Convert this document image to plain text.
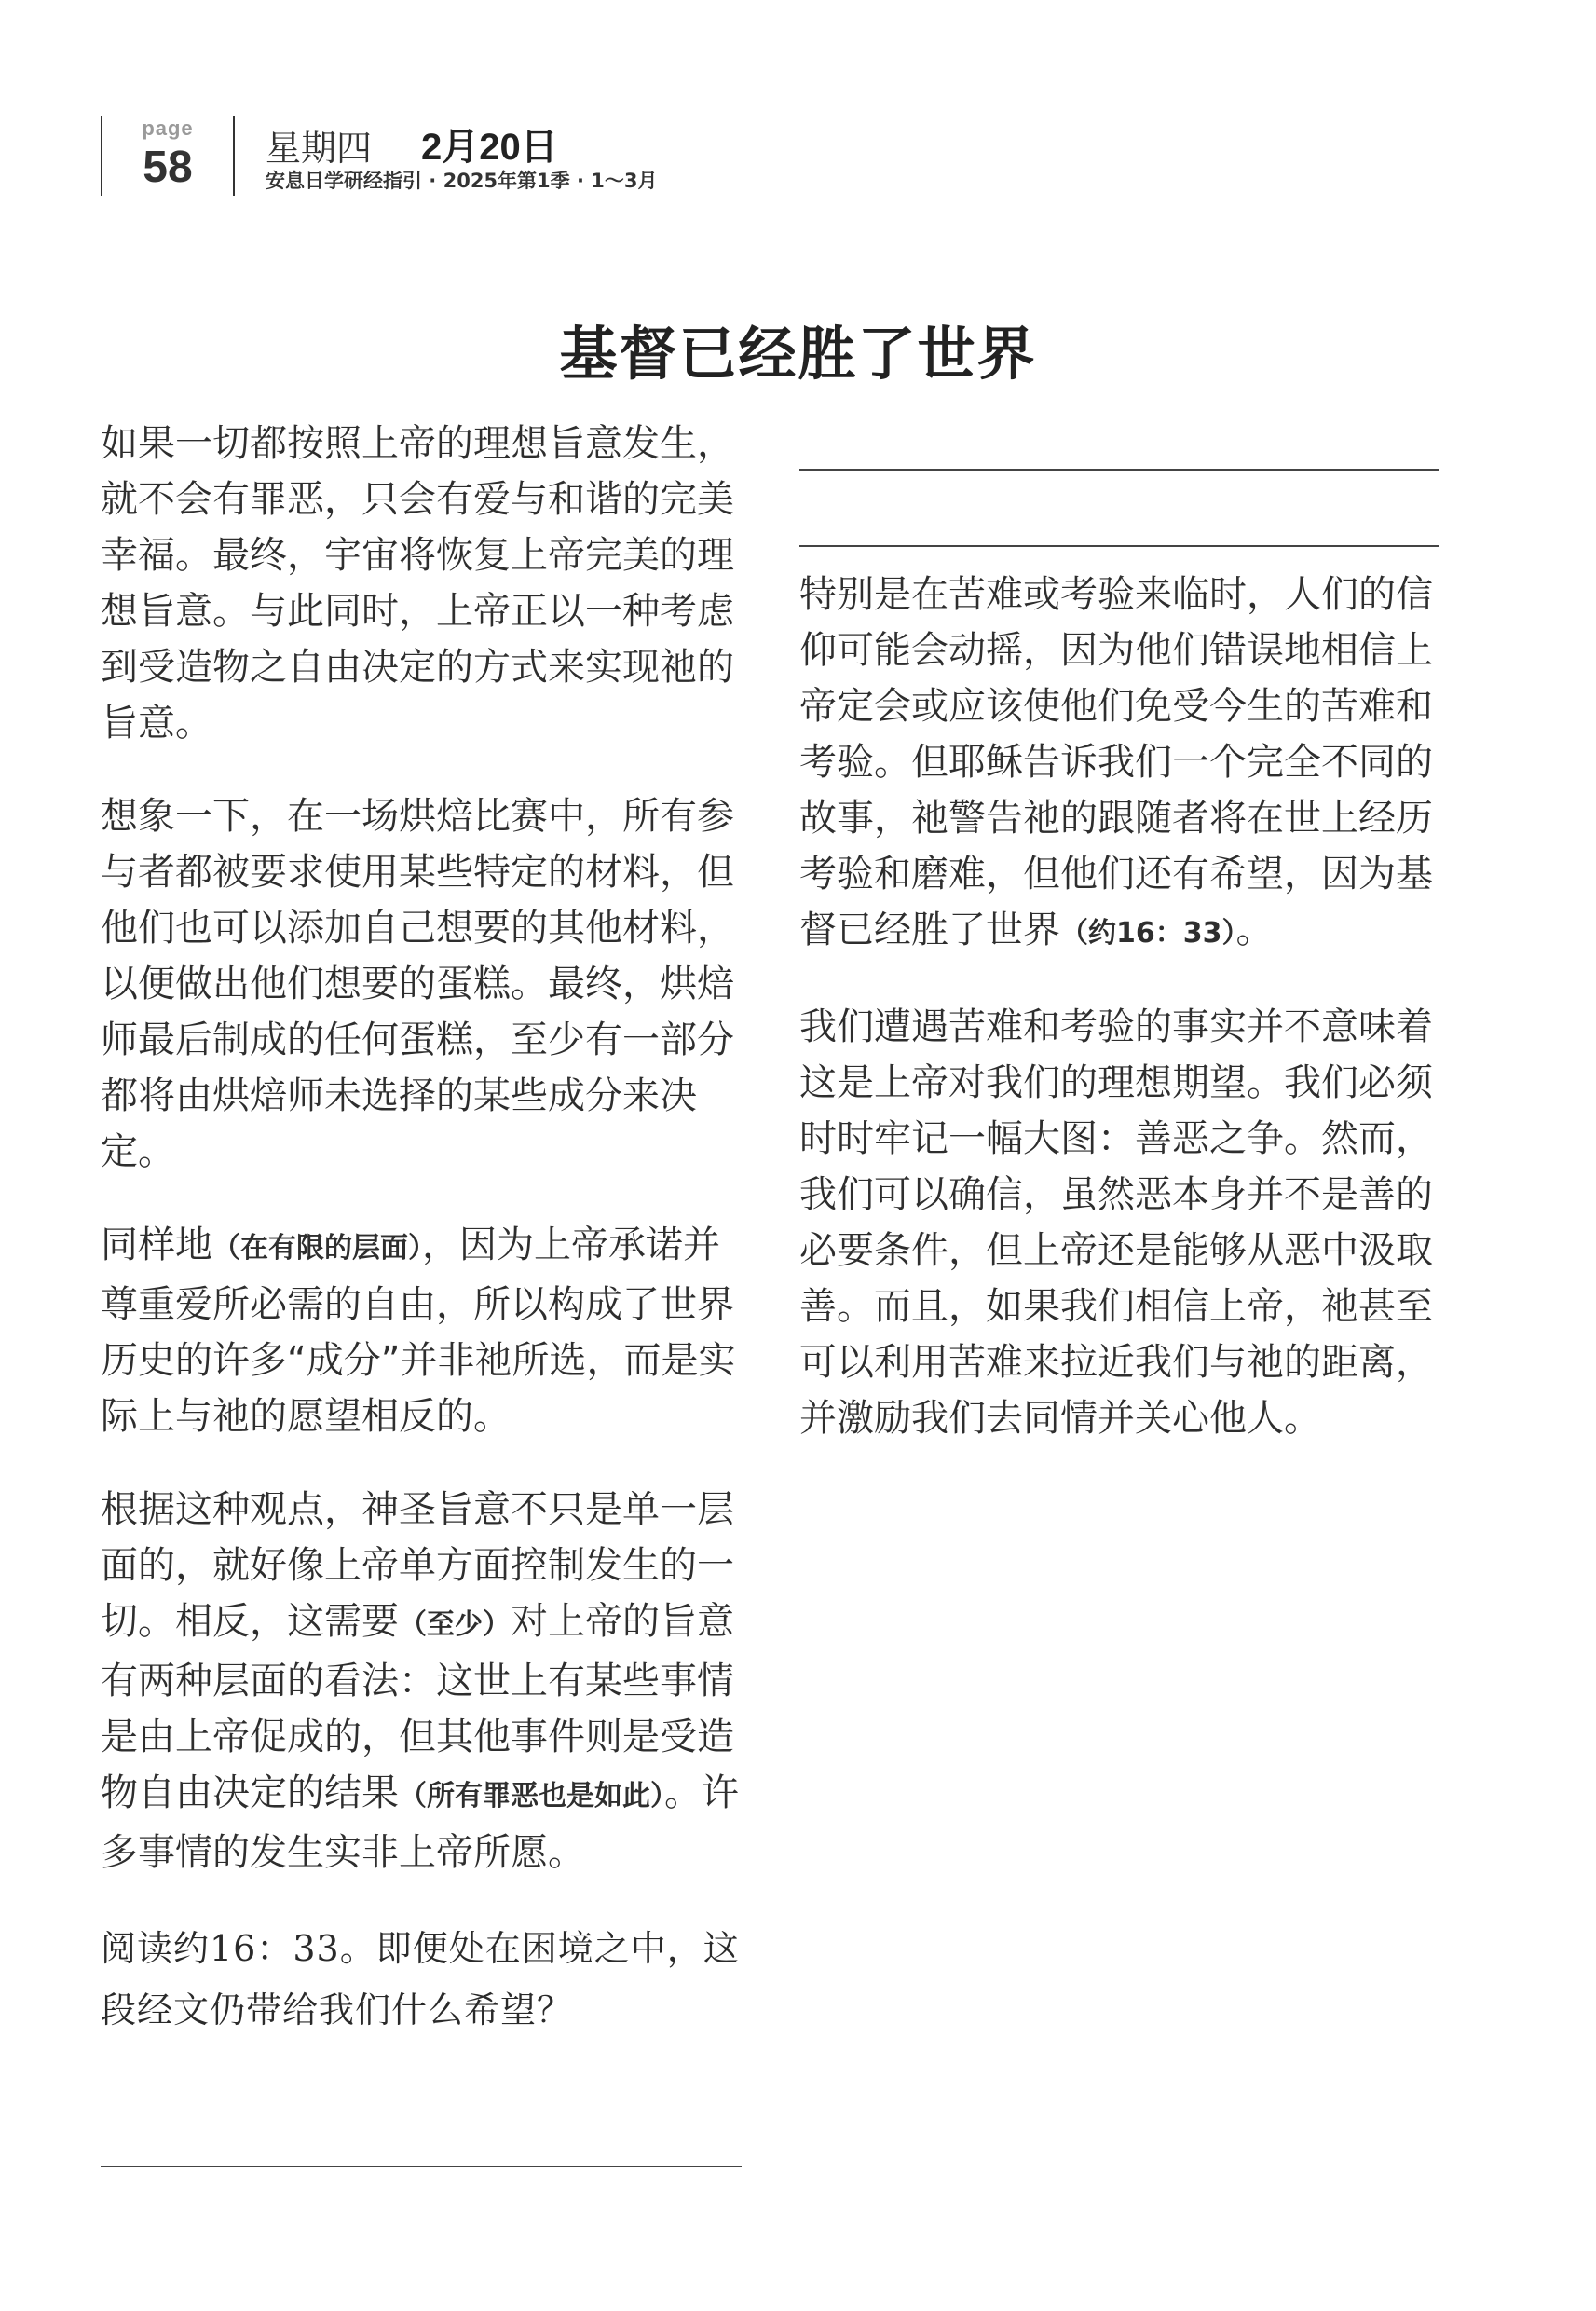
page
58	星期四 2月20日
安息日学研经指引 · 2025年第1季 · 1～3月
基督已经胜了世界

如果一切都按照上帝的理想旨意发生，就不会有罪恶，只会有爱与和谐的完美幸福。最终，宇宙将恢复上帝完美的理想旨意。与此同时，上帝正以一种考虑到受造物之自由决定的方式来实现祂的旨意。

想象一下，在一场烘焙比赛中，所有参与者都被要求使用某些特定的材料，但他们也可以添加自己想要的其他材料，以便做出他们想要的蛋糕。最终，烘焙师最后制成的任何蛋糕，至少有一部分都将由烘焙师未选择的某些成分来决定。

同样地（在有限的层面），因为上帝承诺并尊重爱所必需的自由，所以构成了世界历史的许多“成分”并非祂所选，而是实际上与祂的愿望相反的。

根据这种观点，神圣旨意不只是单一层面的，就好像上帝单方面控制发生的一切。相反，这需要（至少）对上帝的旨意有两种层面的看法：这世上有某些事情是由上帝促成的，但其他事件则是受造物自由决定的结果（所有罪恶也是如此）。许多事情的发生实非上帝所愿。

阅读约16：33。即便处在困境之中，这段经文仍带给我们什么希望？

特别是在苦难或考验来临时，人们的信仰可能会动摇，因为他们错误地相信上帝定会或应该使他们免受今生的苦难和考验。但耶稣告诉我们一个完全不同的故事，祂警告祂的跟随者将在世上经历考验和磨难，但他们还有希望，因为基督已经胜了世界（约16：33）。

我们遭遇苦难和考验的事实并不意味着这是上帝对我们的理想期望。我们必须时时牢记一幅大图：善恶之争。然而，我们可以确信，虽然恶本身并不是善的必要条件，但上帝还是能够从恶中汲取善。而且，如果我们相信上帝，祂甚至可以利用苦难来拉近我们与祂的距离，并激励我们去同情并关心他人。
